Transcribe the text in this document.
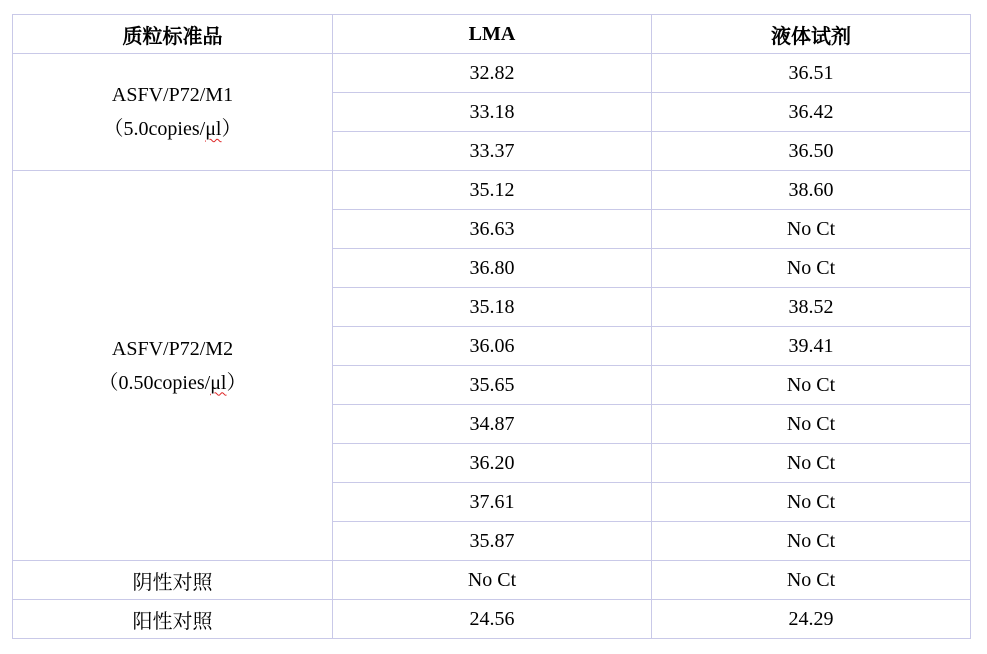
质粒标准品	LMA	液体试剂

ASFV/P72/M1
（5.0copies/μl）	32.82	36.51
	33.18	36.42
	33.37	36.50

ASFV/P72/M2
（0.50copies/μl）	35.12	38.60
	36.63	No Ct
	36.80	No Ct
	35.18	38.52
	36.06	39.41
	35.65	No Ct
	34.87	No Ct
	36.20	No Ct
	37.61	No Ct
	35.87	No Ct
阴性对照	No Ct	No Ct
阳性对照	24.56	24.29
